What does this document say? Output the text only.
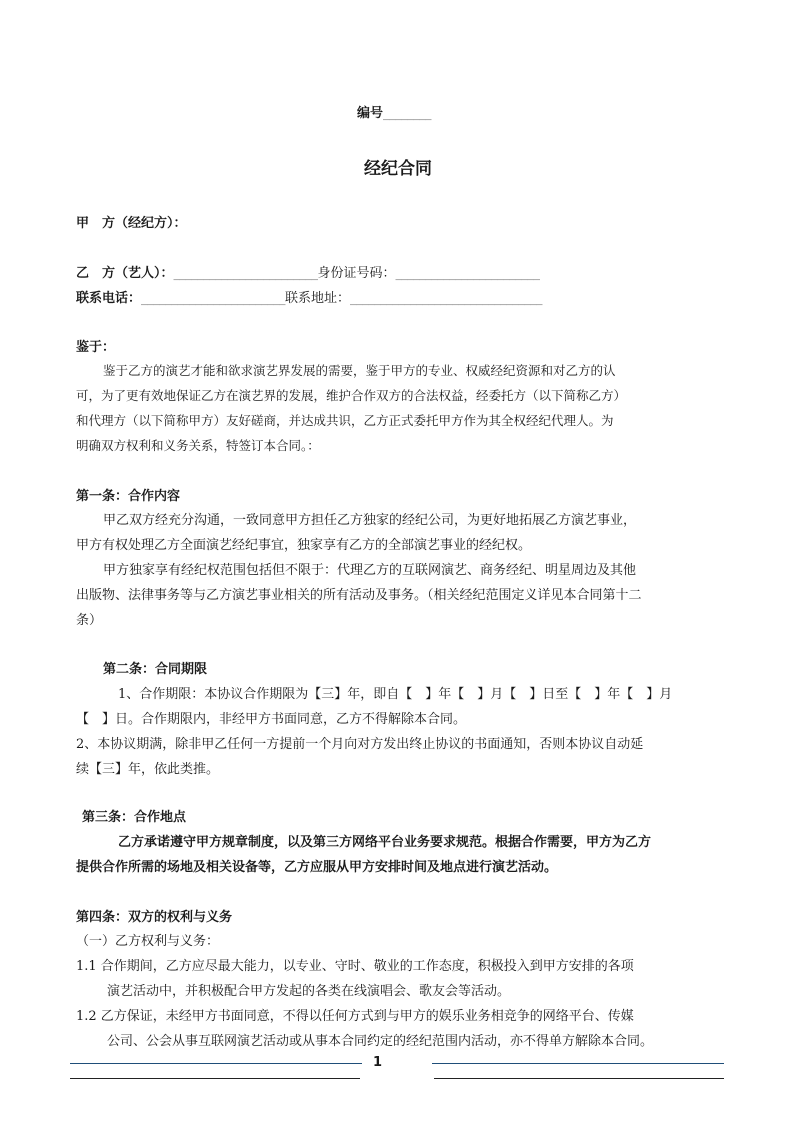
编号________
经纪合同
甲　方（经纪方）：
乙　方（艺人）：________________________身份证号码：________________________
联系电话：________________________联系地址：________________________________
鉴于：
鉴于乙方的演艺才能和欲求演艺界发展的需要，鉴于甲方的专业、权威经纪资源和对乙方的认
可，为了更有效地保证乙方在演艺界的发展，维护合作双方的合法权益，经委托方（以下简称乙方）
和代理方（以下简称甲方）友好磋商，并达成共识，乙方正式委托甲方作为其全权经纪代理人。为
明确双方权利和义务关系，特签订本合同。：
第一条：合作内容
甲乙双方经充分沟通，一致同意甲方担任乙方独家的经纪公司，为更好地拓展乙方演艺事业，
甲方有权处理乙方全面演艺经纪事宜，独家享有乙方的全部演艺事业的经纪权。
甲方独家享有经纪权范围包括但不限于：代理乙方的互联网演艺、商务经纪、明星周边及其他
出版物、法律事务等与乙方演艺事业相关的所有活动及事务。（相关经纪范围定义详见本合同第十二
条）
第二条：合同期限
1、合作期限：本协议合作期限为【三】年，即自【　】年【　】月【　】日至【　】年【　】月
【　】日。合作期限内，非经甲方书面同意，乙方不得解除本合同。
2、本协议期满，除非甲乙任何一方提前一个月向对方发出终止协议的书面通知，否则本协议自动延
续【三】年，依此类推。
第三条：合作地点
乙方承诺遵守甲方规章制度，以及第三方网络平台业务要求规范。根据合作需要，甲方为乙方
提供合作所需的场地及相关设备等，乙方应服从甲方安排时间及地点进行演艺活动。
第四条：双方的权利与义务
（一）乙方权利与义务：
1.1 合作期间，乙方应尽最大能力，以专业、守时、敬业的工作态度，积极投入到甲方安排的各项
演艺活动中，并积极配合甲方发起的各类在线演唱会、歌友会等活动。
1.2 乙方保证，未经甲方书面同意，不得以任何方式到与甲方的娱乐业务相竞争的网络平台、传媒
公司、公会从事互联网演艺活动或从事本合同约定的经纪范围内活动，亦不得单方解除本合同。
1
